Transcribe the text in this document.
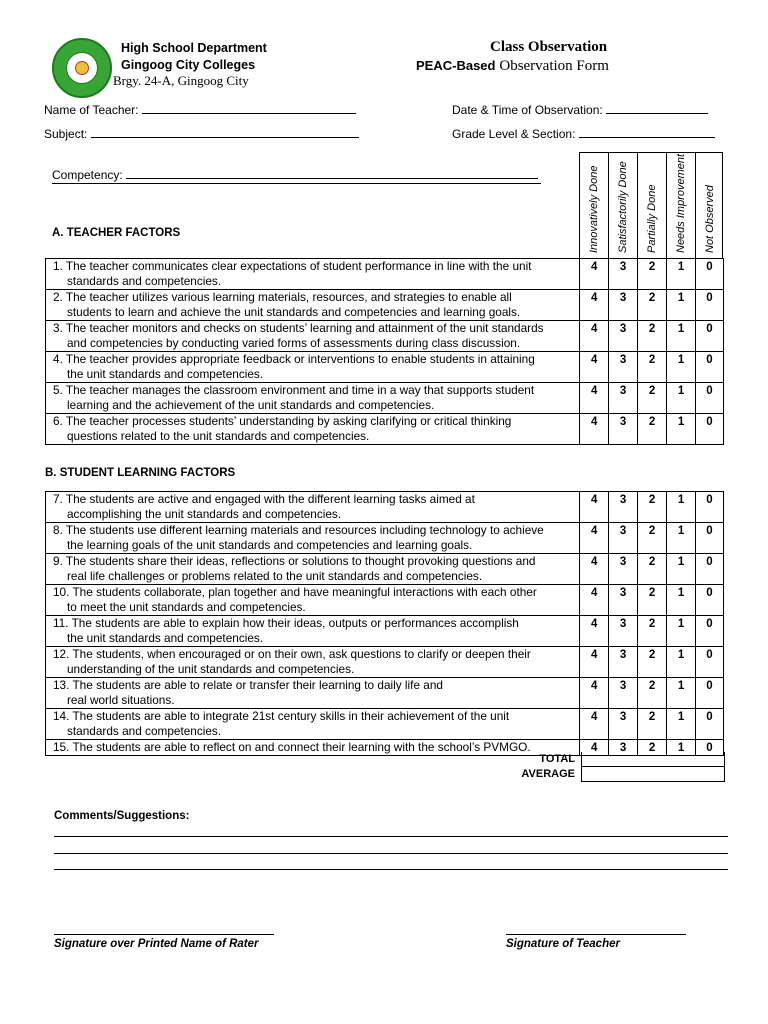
High School Department
Gingoog City Colleges
Brgy. 24-A, Gingoog City
Class Observation
PEAC-Based Observation Form
Name of Teacher:	Date & Time of Observation:
Subject:	Grade Level & Section:
Competency:
A. TEACHER FACTORS	Innovatively Done Satisfactorily Done Partially Done Needs Improvement Not Observed
1. The teacher communicates clear expectations of student performance in line with the unit
standards and competencies.	4	3	2	1	0
2. The teacher utilizes various learning materials, resources, and strategies to enable all
students to learn and achieve the unit standards and competencies and learning goals.	4	3	2	1	0
3. The teacher monitors and checks on students’ learning and attainment of the unit standards
and competencies by conducting varied forms of assessments during class discussion.	4	3	2	1	0
4. The teacher provides appropriate feedback or interventions to enable students in attaining
the unit standards and competencies.	4	3	2	1	0
5. The teacher manages the classroom environment and time in a way that supports student
learning and the achievement of the unit standards and competencies.	4	3	2	1	0
6. The teacher processes students’ understanding by asking clarifying or critical thinking
questions related to the unit standards and competencies.	4	3	2	1	0
B. STUDENT LEARNING FACTORS
7. The students are active and engaged with the different learning tasks aimed at
accomplishing the unit standards and competencies.	4	3	2	1	0
8. The students use different learning materials and resources including technology to achieve
the learning goals of the unit standards and competencies and learning goals.	4	3	2	1	0
9. The students share their ideas, reflections or solutions to thought provoking questions and
real life challenges or problems related to the unit standards and competencies.	4	3	2	1	0
10. The students collaborate, plan together and have meaningful interactions with each other
to meet the unit standards and competencies.	4	3	2	1	0
11. The students are able to explain how their ideas, outputs or performances accomplish
the unit standards and competencies.	4	3	2	1	0
12. The students, when encouraged or on their own, ask questions to clarify or deepen their
understanding of the unit standards and competencies.	4	3	2	1	0
13. The students are able to relate or transfer their learning to daily life and
real world situations.	4	3	2	1	0
14. The students are able to integrate 21st century skills in their achievement of the unit
standards and competencies.	4	3	2	1	0
15. The students are able to reflect on and connect their learning with the school’s PVMGO.	4	3	2	1	0
TOTAL
AVERAGE
Comments/Suggestions:
Signature over Printed Name of Rater	Signature of Teacher
